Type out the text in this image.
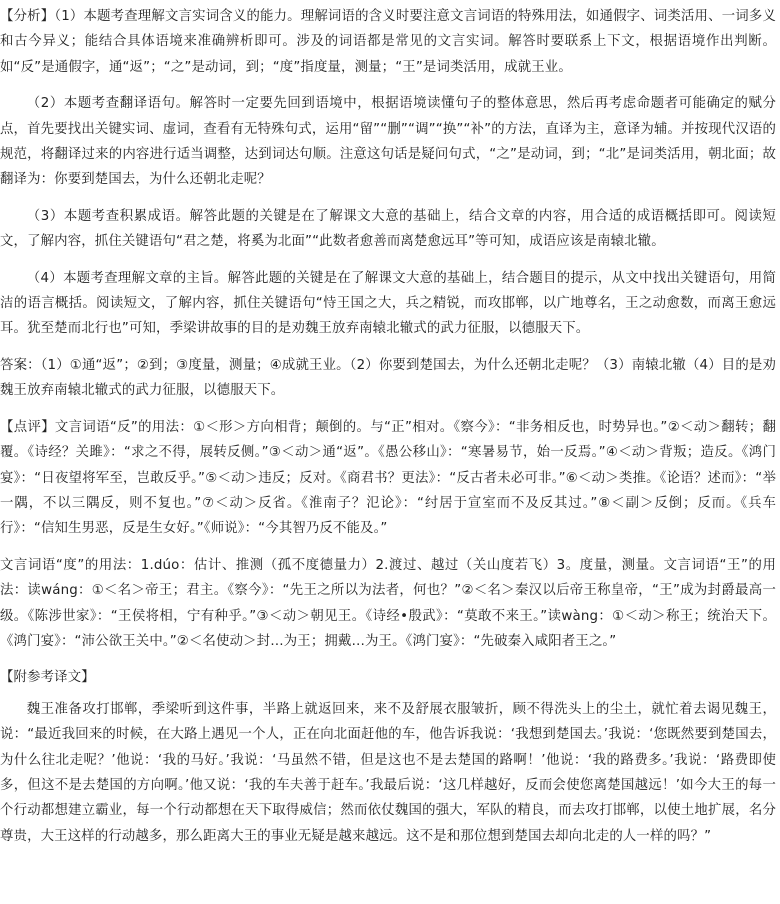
【分析】（1）本题考查理解文言实词含义的能力。理解词语的含义时要注意文言词语的特殊用法，如通假字、词类活用、一词多义和古今异义；能结合具体语境来准确辨析即可。涉及的词语都是常见的文言实词。解答时要联系上下文，根据语境作出判断。如“反”是通假字，通“返”；“之”是动词，到；“度”指度量，测量；“王”是词类活用，成就王业。

（2）本题考查翻译语句。解答时一定要先回到语境中，根据语境读懂句子的整体意思，然后再考虑命题者可能确定的赋分点，首先要找出关键实词、虚词，查看有无特殊句式，运用“留”“删”“调”“换”“补”的方法，直译为主，意译为辅。并按现代汉语的规范，将翻译过来的内容进行适当调整，达到词达句顺。注意这句话是疑问句式，“之”是动词，到；“北”是词类活用，朝北面；故翻译为：你要到楚国去，为什么还朝北走呢？

（3）本题考查积累成语。解答此题的关键是在了解课文大意的基础上，结合文章的内容，用合适的成语概括即可。阅读短文，了解内容，抓住关键语句“君之楚，将奚为北面”“此数者愈善而离楚愈远耳”等可知，成语应该是南辕北辙。

（4）本题考查理解文章的主旨。解答此题的关键是在了解课文大意的基础上，结合题目的提示，从文中找出关键语句，用简洁的语言概括。阅读短文，了解内容，抓住关键语句“恃王国之大，兵之精锐，而攻邯郸，以广地尊名，王之动愈数，而离王愈远耳。犹至楚而北行也”可知，季梁讲故事的目的是劝魏王放弃南辕北辙式的武力征服，以德服天下。

答案：（1）①通“返”；②到；③度量，测量；④成就王业。（2）你要到楚国去，为什么还朝北走呢？（3）南辕北辙（4）目的是劝魏王放弃南辕北辙式的武力征服，以德服天下。

【点评】文言词语“反”的用法：①＜形＞方向相背；颠倒的。与“正”相对。《察今》：“非务相反也，时势异也。”②＜动＞翻转；翻覆。《诗经？关雎》：“求之不得，展转反侧。”③＜动＞通“返”。《愚公移山》：“寒暑易节，始一反焉。”④＜动＞背叛；造反。《鸿门宴》：“日夜望将军至，岂敢反乎。”⑤＜动＞违反；反对。《商君书？更法》：“反古者未必可非。”⑥＜动＞类推。《论语？述而》：“举一隅，不以三隅反，则不复也。”⑦＜动＞反省。《淮南子？氾论》：“纣居于宣室而不及反其过。”⑧＜副＞反倒；反而。《兵车行》：“信知生男恶，反是生女好。”《师说》：“今其智乃反不能及。”

文言词语“度”的用法：1.dúo：估计、推测（孤不度德量力）2.渡过、越过（关山度若飞）3。度量，测量。文言词语“王”的用法：读wáng：①＜名＞帝王；君主。《察今》：“先王之所以为法者，何也？”②＜名＞秦汉以后帝王称皇帝，“王”成为封爵最高一级。《陈涉世家》：“王侯将相，宁有种乎。”③＜动＞朝见王。《诗经•殷武》：“莫敢不来王。”读wàng：①＜动＞称王；统治天下。《鸿门宴》：“沛公欲王关中。”②＜名使动＞封…为王；拥戴…为王。《鸿门宴》：“先破秦入咸阳者王之。”

【附参考译文】

魏王准备攻打邯郸，季梁听到这件事，半路上就返回来，来不及舒展衣服皱折，顾不得洗头上的尘土，就忙着去谒见魏王，说：“最近我回来的时候，在大路上遇见一个人，正在向北面赶他的车，他告诉我说：‘我想到楚国去。’我说：‘您既然要到楚国去，为什么往北走呢？’他说：‘我的马好。’我说：‘马虽然不错，但是这也不是去楚国的路啊！’他说：‘我的路费多。’我说：‘路费即使多，但这不是去楚国的方向啊。’他又说：‘我的车夫善于赶车。’我最后说：‘这几样越好，反而会使您离楚国越远！’如今大王的每一个行动都想建立霸业，每一个行动都想在天下取得威信；然而依仗魏国的强大，军队的精良，而去攻打邯郸，以使土地扩展，名分尊贵，大王这样的行动越多，那么距离大王的事业无疑是越来越远。这不是和那位想到楚国去却向北走的人一样的吗？”
